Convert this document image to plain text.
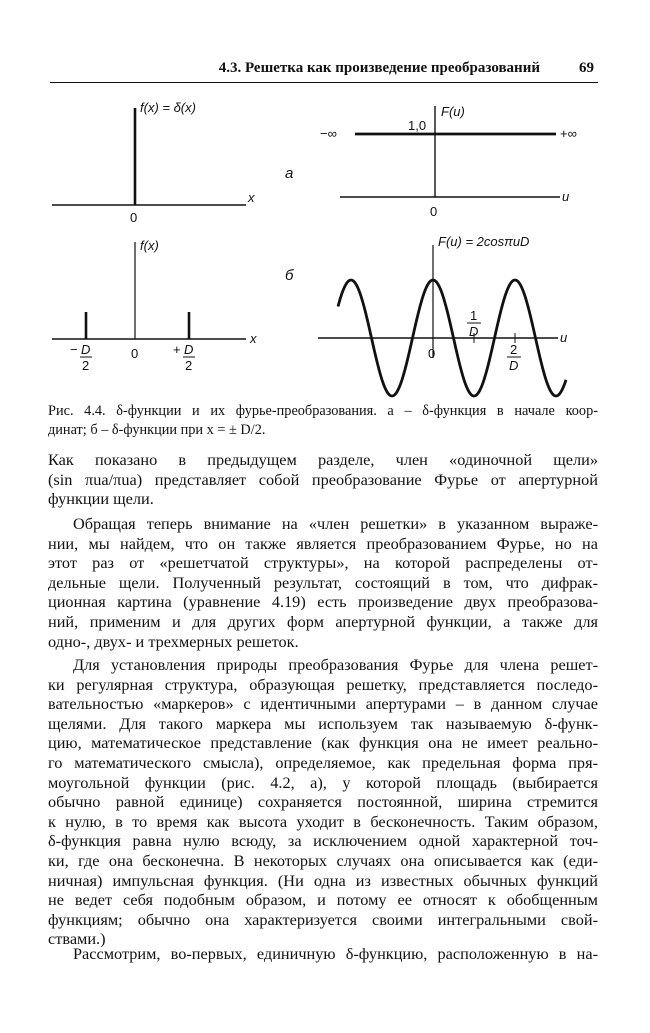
4.3. Решетка как произведение преобразований	69
f(x) = δ(x)
x
0
а
F(u)
1,0
−∞	+∞
u
0
f(x)
x
0
− D
2
+ D
2
б
F(u) = 2cosπuD
u
0
1
D
2
D
Рис. 4.4. δ-функции и их фурье-преобразования. а – δ-функция в начале коор-
динат; б – δ-функции при x = ± D/2.
Как показано в предыдущем разделе, член «одиночной щели»
(sin πua/πua) представляет собой преобразование Фурье от апертурной
функции щели.
Обращая теперь внимание на «член решетки» в указанном выраже-
нии, мы найдем, что он также является преобразованием Фурье, но на
этот раз от «решетчатой структуры», на которой распределены от-
дельные щели. Полученный результат, состоящий в том, что дифрак-
ционная картина (уравнение 4.19) есть произведение двух преобразова-
ний, применим и для других форм апертурной функции, а также для
одно-, двух- и трехмерных решеток.
Для установления природы преобразования Фурье для члена решет-
ки регулярная структура, образующая решетку, представляется последо-
вательностью «маркеров» с идентичными апертурами – в данном случае
щелями. Для такого маркера мы используем так называемую δ-функ-
цию, математическое представление (как функция она не имеет реально-
го математического смысла), определяемое, как предельная форма пря-
моугольной функции (рис. 4.2, а), у которой площадь (выбирается
обычно равной единице) сохраняется постоянной, ширина стремится
к нулю, в то время как высота уходит в бесконечность. Таким образом,
δ-функция равна нулю всюду, за исключением одной характерной точ-
ки, где она бесконечна. В некоторых случаях она описывается как (еди-
ничная) импульсная функция. (Ни одна из известных обычных функций
не ведет себя подобным образом, и потому ее относят к обобщенным
функциям; обычно она характеризуется своими интегральными свой-
ствами.)
Рассмотрим, во-первых, единичную δ-функцию, расположенную в на-
